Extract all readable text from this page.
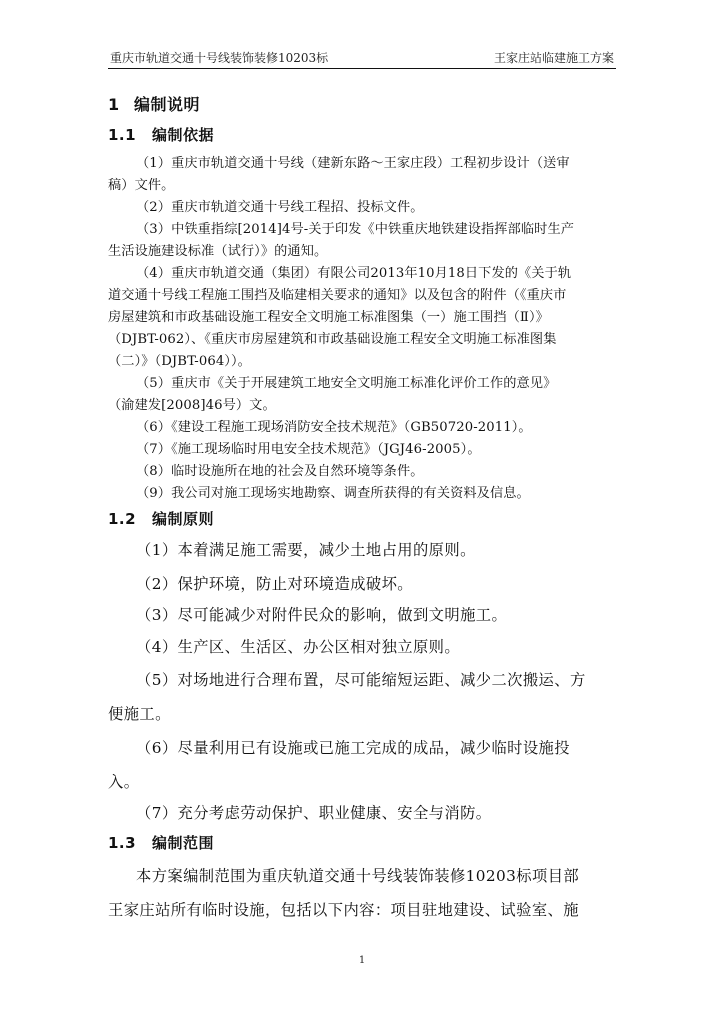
重庆市轨道交通十号线装饰装修10203标	王家庄站临建施工方案
1 编制说明
1.1 编制依据
（1）重庆市轨道交通十号线（建新东路～王家庄段）工程初步设计（送审
稿）文件。
（2）重庆市轨道交通十号线工程招、投标文件。
（3）中铁重指综[2014]4号-关于印发《中铁重庆地铁建设指挥部临时生产
生活设施建设标准（试行）》的通知。
（4）重庆市轨道交通（集团）有限公司2013年10月18日下发的《关于轨
道交通十号线工程施工围挡及临建相关要求的通知》以及包含的附件（《重庆市
房屋建筑和市政基础设施工程安全文明施工标准图集（一）施工围挡（Ⅱ）》
（DJBT-062）、《重庆市房屋建筑和市政基础设施工程安全文明施工标准图集
（二）》（DJBT-064））。
（5）重庆市《关于开展建筑工地安全文明施工标准化评价工作的意见》
（渝建发[2008]46号）文。
（6）《建设工程施工现场消防安全技术规范》（GB50720-2011）。
（7）《施工现场临时用电安全技术规范》（JGJ46-2005）。
（8）临时设施所在地的社会及自然环境等条件。
（9）我公司对施工现场实地勘察、调查所获得的有关资料及信息。
1.2 编制原则
（1）本着满足施工需要，减少土地占用的原则。
（2）保护环境，防止对环境造成破坏。
（3）尽可能减少对附件民众的影响，做到文明施工。
（4）生产区、生活区、办公区相对独立原则。
（5）对场地进行合理布置，尽可能缩短运距、减少二次搬运、方
便施工。
（6）尽量利用已有设施或已施工完成的成品，减少临时设施投
入。
（7）充分考虑劳动保护、职业健康、安全与消防。
1.3 编制范围
本方案编制范围为重庆轨道交通十号线装饰装修10203标项目部
王家庄站所有临时设施，包括以下内容：项目驻地建设、试验室、施
1
